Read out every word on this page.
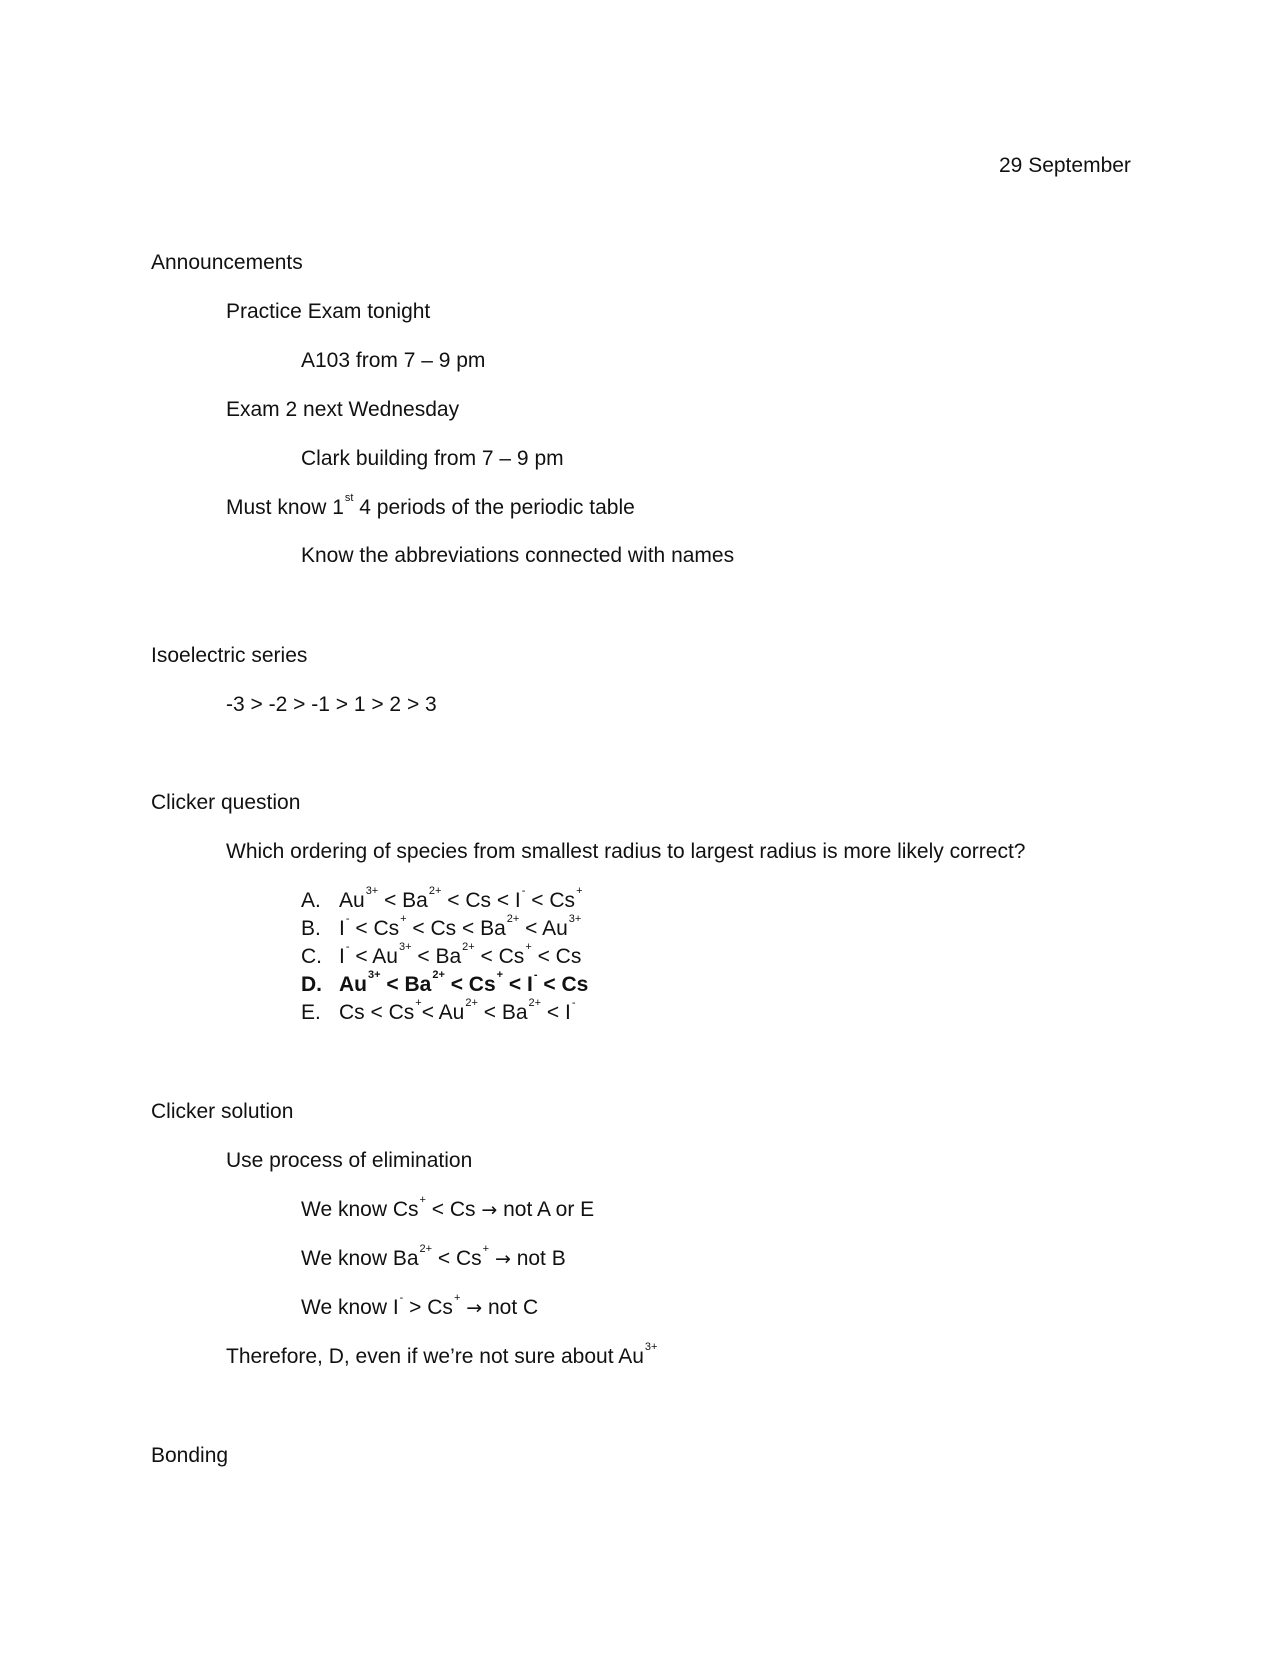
29 September
Announcements
Practice Exam tonight
A103 from 7 – 9 pm
Exam 2 next Wednesday
Clark building from 7 – 9 pm
Must know 1st 4 periods of the periodic table
Know the abbreviations connected with names
Isoelectric series
-3 > -2 > -1 > 1 > 2 > 3
Clicker question
Which ordering of species from smallest radius to largest radius is more likely correct?
A. $Au^{3+} < Ba^{2+} < Cs < I^- < Cs^+$
B. $I^- < Cs^+ < Cs < Ba^{2+} < Au^{3+}$
C. $I^- < Au^{3+} < Ba^{2+} < Cs^+ < Cs$
D. $Au^{3+} < Ba^{2+} < Cs^+ < I^- < Cs$
E. $Cs < Cs^+< Au^{2+} < Ba^{2+} < I^-$
Clicker solution
Use process of elimination
We know Cs+ < Cs → not A or E
We know $Ba^{2+} < Cs^+$ → not B
We know I- > Cs+ → not C
Therefore, D, even if we’re not sure about $Au^{3+}$
Bonding
